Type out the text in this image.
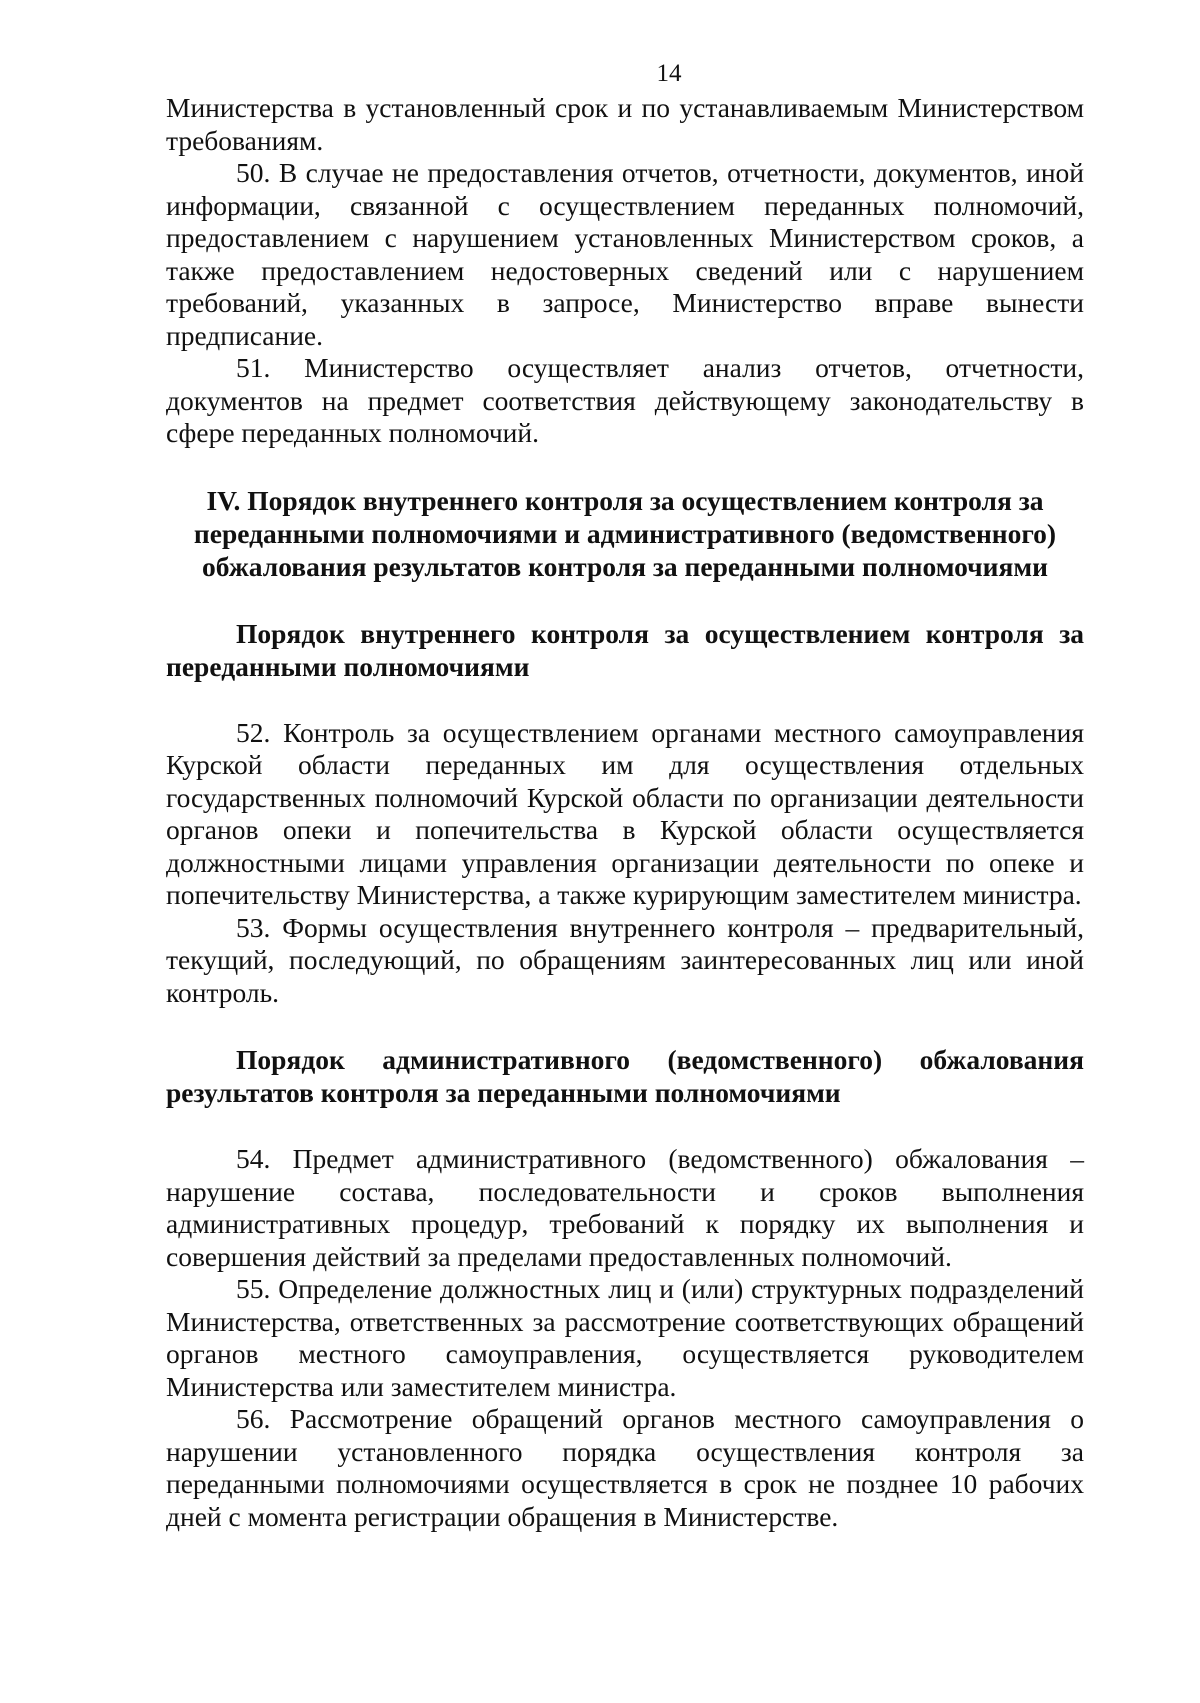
14

Министерства в установленный срок и по устанавливаемым Министерством требованиям.

50. В случае не предоставления отчетов, отчетности, документов, иной информации, связанной с осуществлением переданных полномочий, предоставлением с нарушением установленных Министерством сроков, а также предоставлением недостоверных сведений или с нарушением требований, указанных в запросе, Министерство вправе вынести предписание.

51. Министерство осуществляет анализ отчетов, отчетности, документов на предмет соответствия действующему законодательству в сфере переданных полномочий.

IV. Порядок внутреннего контроля за осуществлением контроля за переданными полномочиями и административного (ведомственного) обжалования результатов контроля за переданными полномочиями
Порядок внутреннего контроля за осуществлением контроля за переданными полномочиями

52. Контроль за осуществлением органами местного самоуправления Курской области переданных им для осуществления отдельных государственных полномочий Курской области по организации деятельности органов опеки и попечительства в Курской области осуществляется должностными лицами управления организации деятельности по опеке и попечительству Министерства, а также курирующим заместителем министра.

53. Формы осуществления внутреннего контроля – предварительный, текущий, последующий, по обращениям заинтересованных лиц или иной контроль.

Порядок административного (ведомственного) обжалования результатов контроля за переданными полномочиями

54. Предмет административного (ведомственного) обжалования – нарушение состава, последовательности и сроков выполнения административных процедур, требований к порядку их выполнения и совершения действий за пределами предоставленных полномочий.

55. Определение должностных лиц и (или) структурных подразделений Министерства, ответственных за рассмотрение соответствующих обращений органов местного самоуправления, осуществляется руководителем Министерства или заместителем министра.

56. Рассмотрение обращений органов местного самоуправления о нарушении установленного порядка осуществления контроля за переданными полномочиями осуществляется в срок не позднее 10 рабочих дней с момента регистрации обращения в Министерстве.
